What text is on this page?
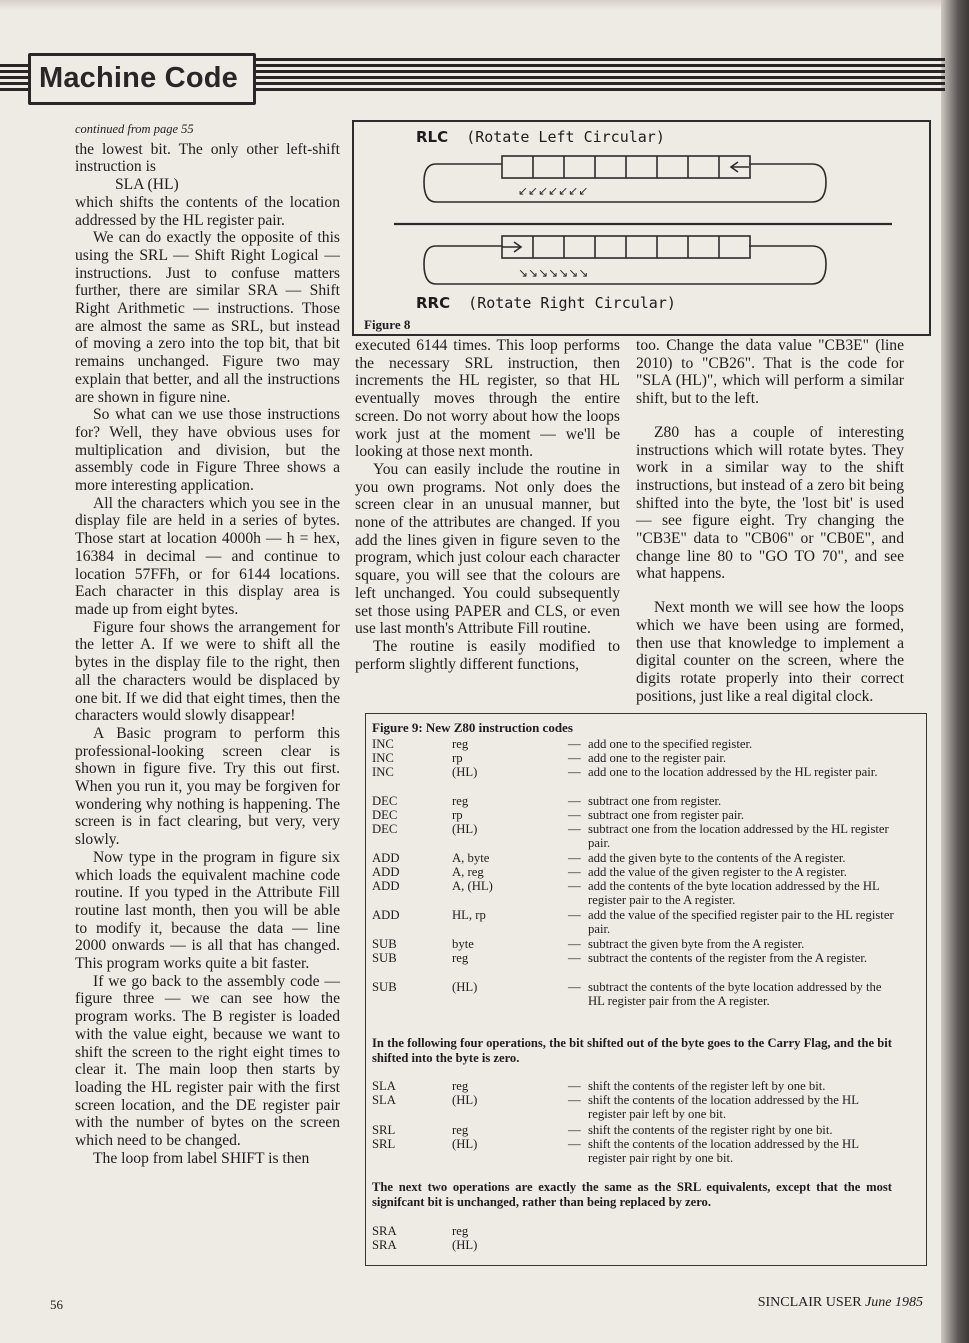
Machine Code
continued from page 55

the lowest bit. The only other left-shift instruction is

SLA (HL)

which shifts the contents of the location addressed by the HL register pair.

We can do exactly the opposite of this using the SRL — Shift Right Logical — instructions. Just to confuse matters further, there are similar SRA — Shift Right Arithmetic — instructions. Those are almost the same as SRL, but instead of moving a zero into the top bit, that bit remains unchanged. Figure two may explain that better, and all the instructions are shown in figure nine.

So what can we use those instructions for? Well, they have obvious uses for multiplication and division, but the assembly code in Figure Three shows a more interesting application.

All the characters which you see in the display file are held in a series of bytes. Those start at location 4000h — h = hex, 16384 in decimal — and continue to location 57FFh, or for 6144 locations. Each character in this display area is made up from eight bytes.

Figure four shows the arrangement for the letter A. If we were to shift all the bytes in the display file to the right, then all the characters would be displaced by one bit. If we did that eight times, then the characters would slowly disappear!

A Basic program to perform this professional-looking screen clear is shown in figure five. Try this out first. When you run it, you may be forgiven for wondering why nothing is happening. The screen is in fact clearing, but very, very slowly.

Now type in the program in figure six which loads the equivalent machine code routine. If you typed in the Attribute Fill routine last month, then you will be able to modify it, because the data — line 2000 onwards — is all that has changed. This program works quite a bit faster.

If we go back to the assembly code — figure three — we can see how the program works. The B register is loaded with the value eight, because we want to shift the screen to the right eight times to clear it. The main loop then starts by loading the HL register pair with the first screen location, and the DE register pair with the number of bytes on the screen which need to be changed.

The loop from label SHIFT is then

RLC (Rotate Left Circular)
↙↙↙↙↙↙↙
↘↘↘↘↘↘↘
RRC (Rotate Right Circular)
Figure 8

executed 6144 times. This loop performs the necessary SRL instruction, then increments the HL register, so that HL eventually moves through the entire screen. Do not worry about how the loops work just at the moment — we'll be looking at those next month.

You can easily include the routine in you own programs. Not only does the screen clear in an unusual manner, but none of the attributes are changed. If you add the lines given in figure seven to the program, which just colour each character square, you will see that the colours are left unchanged. You could subsequently set those using PAPER and CLS, or even use last month's Attribute Fill routine.

The routine is easily modified to perform slightly different functions,

too. Change the data value "CB3E" (line 2010) to "CB26". That is the code for "SLA (HL)", which will perform a similar shift, but to the left.

Z80 has a couple of interesting instructions which will rotate bytes. They work in a similar way to the shift instructions, but instead of a zero bit being shifted into the byte, the 'lost bit' is used — see figure eight. Try changing the "CB3E" data to "CB06" or "CB0E", and change line 80 to "GO TO 70", and see what happens.

Next month we will see how the loops which we have been using are formed, then use that knowledge to implement a digital counter on the screen, where the digits rotate properly into their correct positions, just like a real digital clock.

Figure 9: New Z80 instruction codes
INC	reg	— add one to the specified register.
INC	rp	— add one to the register pair.
INC	(HL)	— add one to the location addressed by the HL register pair.
DEC	reg	— subtract one from register.
DEC	rp	— subtract one from register pair.
DEC	(HL)	— subtract one from the location addressed by the HL register pair.
ADD	A, byte	— add the given byte to the contents of the A register.
ADD	A, reg	— add the value of the given register to the A register.
ADD	A, (HL)	— add the contents of the byte location addressed by the HL register pair to the A register.
ADD	HL, rp	— add the value of the specified register pair to the HL register pair.
SUB	byte	— subtract the given byte from the A register.
SUB	reg	— subtract the contents of the register from the A register.
SUB	(HL)	— subtract the contents of the byte location addressed by the HL register pair from the A register.
In the following four operations, the bit shifted out of the byte goes to the Carry Flag, and the bit shifted into the byte is zero.
SLA	reg	— shift the contents of the register left by one bit.
SLA	(HL)	— shift the contents of the location addressed by the HL register pair left by one bit.
SRL	reg	— shift the contents of the register right by one bit.
SRL	(HL)	— shift the contents of the location addressed by the HL register pair right by one bit.
The next two operations are exactly the same as the SRL equivalents, except that the most signifcant bit is unchanged, rather than being replaced by zero.
SRA	reg
SRA	(HL)
56	SINCLAIR USER June 1985
